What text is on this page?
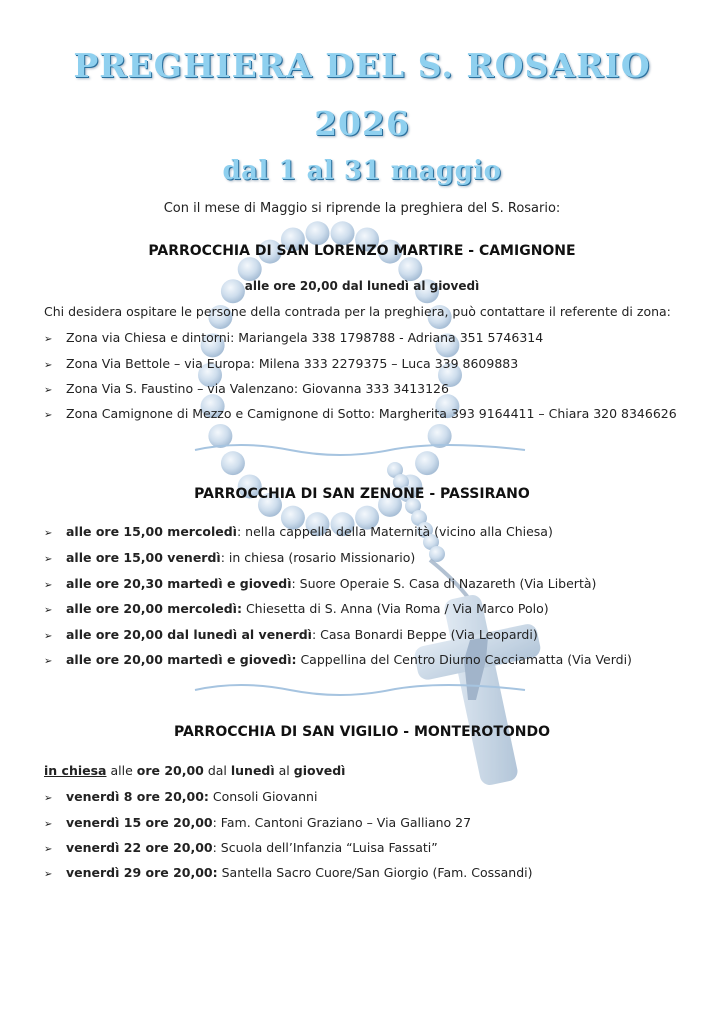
PREGHIERA DEL S. ROSARIO
2026
dal 1 al 31 maggio
Con il mese di Maggio si riprende la preghiera del S. Rosario:
PARROCCHIA DI SAN LORENZO MARTIRE - CAMIGNONE
alle ore 20,00 dal lunedì al giovedì
Chi desidera ospitare le persone della contrada per la preghiera, può contattare il referente di zona:
➢ Zona via Chiesa e dintorni: Mariangela 338 1798788 - Adriana 351 5746314
➢ Zona Via Bettole – via Europa: Milena 333 2279375 – Luca 339 8609883
➢ Zona Via S. Faustino – via Valenzano: Giovanna 333 3413126
➢ Zona Camignone di Mezzo e Camignone di Sotto: Margherita 393 9164411 – Chiara 320 8346626
PARROCCHIA DI SAN ZENONE - PASSIRANO
➢ alle ore 15,00 mercoledì: nella cappella della Maternità (vicino alla Chiesa)
➢ alle ore 15,00 venerdì: in chiesa (rosario Missionario)
➢ alle ore 20,30 martedì e giovedì: Suore Operaie S. Casa di Nazareth (Via Libertà)
➢ alle ore 20,00 mercoledì: Chiesetta di S. Anna (Via Roma / Via Marco Polo)
➢ alle ore 20,00 dal lunedì al venerdì: Casa Bonardi Beppe (Via Leopardi)
➢ alle ore 20,00 martedì e giovedì: Cappellina del Centro Diurno Cacciamatta (Via Verdi)
PARROCCHIA DI SAN VIGILIO - MONTEROTONDO
in chiesa alle ore 20,00 dal lunedì al giovedì
➢ venerdì 8 ore 20,00: Consoli Giovanni
➢ venerdì 15 ore 20,00: Fam. Cantoni Graziano – Via Galliano 27
➢ venerdì 22 ore 20,00: Scuola dell’Infanzia “Luisa Fassati”
➢ venerdì 29 ore 20,00: Santella Sacro Cuore/San Giorgio (Fam. Cossandi)
